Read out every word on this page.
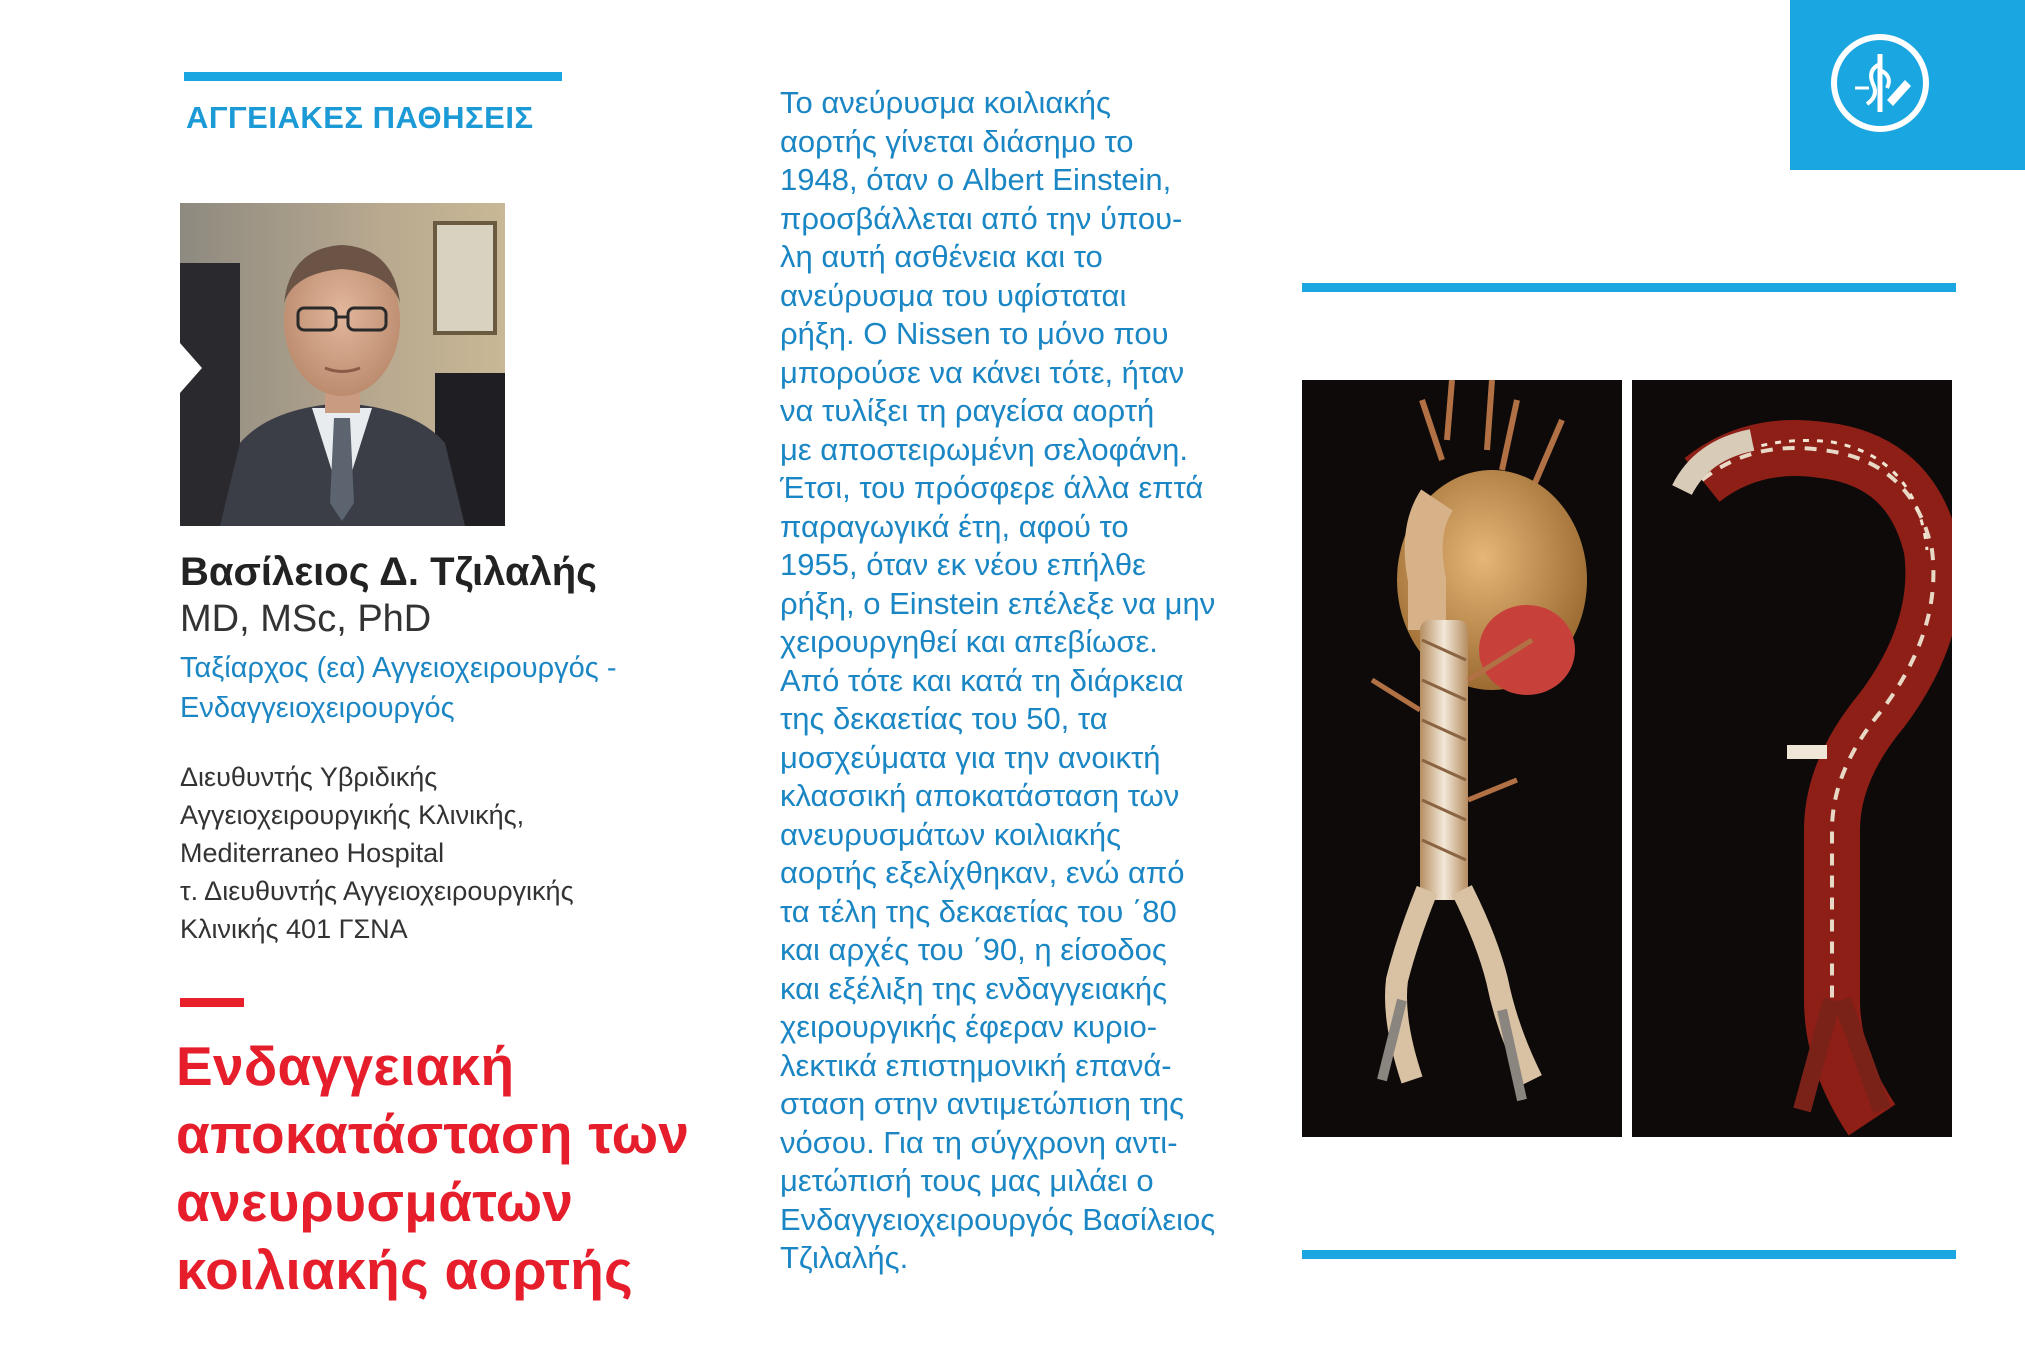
ΑΓΓΕΙΑΚΕΣ ΠΑΘΗΣΕΙΣ
Βασίλειος Δ. Τζιλαλής
MD, MSc, PhD
Ταξίαρχος (εα) Αγγειοχειρουργός -
Ενδαγγειοχειρουργός
Διευθυντής Υβριδικής
Αγγειοχειρουργικής Κλινικής,
Mediterraneo Hospital
τ. Διευθυντής Αγγειοχειρουργικής
Κλινικής 401 ΓΣΝΑ
Ενδαγγειακή
αποκατάσταση των
ανευρυσμάτων
κοιλιακής αορτής
Το ανεύρυσμα κοιλιακής
αορτής γίνεται διάσημο το
1948, όταν ο Albert Einstein,
προσβάλλεται από την ύπου-
λη αυτή ασθένεια και το
ανεύρυσμα του υφίσταται
ρήξη. Ο Nissen το μόνο που
μπορούσε να κάνει τότε, ήταν
να τυλίξει τη ραγείσα αορτή
με αποστειρωμένη σελοφάνη.
Έτσι, του πρόσφερε άλλα επτά
παραγωγικά έτη, αφού το
1955, όταν εκ νέου επήλθε
ρήξη, ο Einstein επέλεξε να μην
χειρουργηθεί και απεβίωσε.
Από τότε και κατά τη διάρκεια
της δεκαετίας του 50, τα
μοσχεύματα για την ανοικτή
κλασσική αποκατάσταση των
ανευρυσμάτων κοιλιακής
αορτής εξελίχθηκαν, ενώ από
τα τέλη της δεκαετίας του ΄80
και αρχές του ΄90, η είσοδος
και εξέλιξη της ενδαγγειακής
χειρουργικής έφεραν κυριο-
λεκτικά επιστημονική επανά-
σταση στην αντιμετώπιση της
νόσου. Για τη σύγχρονη αντι-
μετώπισή τους μας μιλάει ο
Ενδαγγειοχειρουργός Βασίλειος
Τζιλαλής.
